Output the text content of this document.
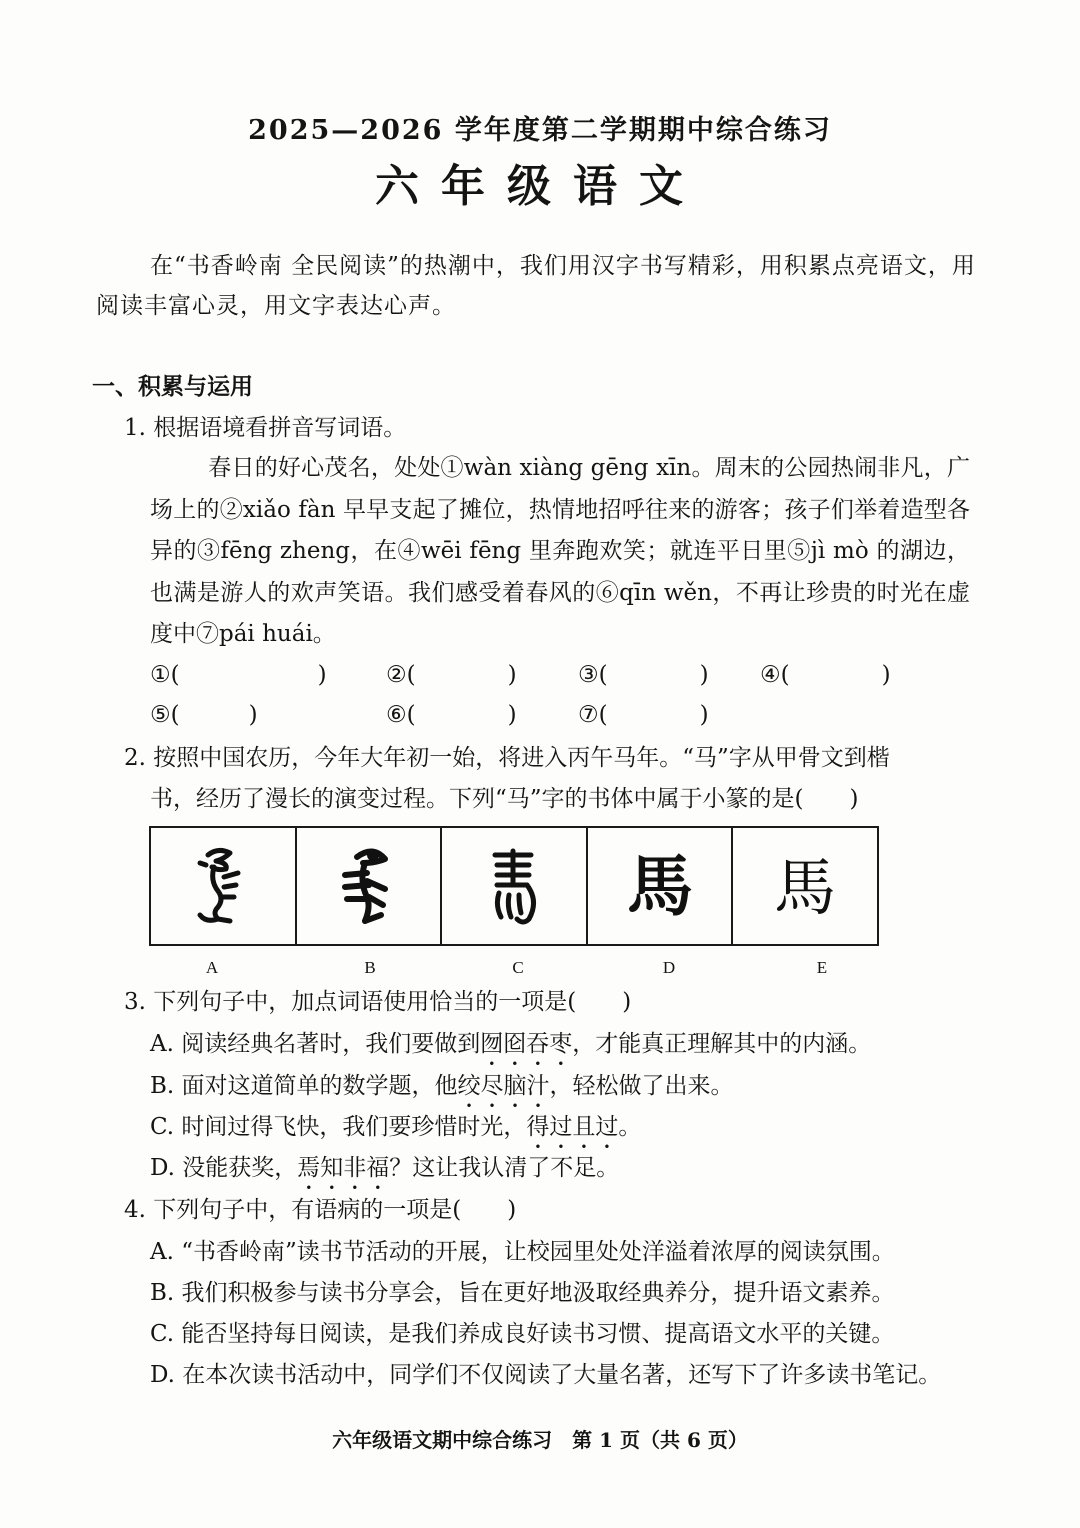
2025—2026 学年度第二学期期中综合练习
六年级语文
在“书香岭南 全民阅读”的热潮中，我们用汉字书写精彩，用积累点亮语文，用阅读丰富心灵，用文字表达心声。
一、积累与运用
1. 根据语境看拼音写词语。
春日的好心茂名，处处①wàn xiàng gēng xīn。周末的公园热闹非凡，广场上的②xiǎo fàn 早早支起了摊位，热情地招呼往来的游客；孩子们举着造型各异的③fēng zheng，在④wēi fēng 里奔跑欢笑；就连平日里⑤jì mò 的湖边，也满是游人的欢声笑语。我们感受着春风的⑥qīn wěn，不再让珍贵的时光在虚度中⑦pái huái。
①(　　　　　　)	②(　　　　)	③(　　　　) ④(　　　　)
⑤(　　　)	⑥(　　　　)	⑦(　　　　)
2. 按照中国农历，今年大年初一始，将进入丙午马年。“马”字从甲骨文到楷
书，经历了漫长的演变过程。下列“马”字的书体中属于小篆的是(　　)
馬 馬
A	B	C	D	E
3. 下列句子中，加点词语使用恰当的一项是(　　)
A. 阅读经典名著时，我们要做到囫囵吞枣，才能真正理解其中的内涵。
B. 面对这道简单的数学题，他绞尽脑汁，轻松做了出来。
C. 时间过得飞快，我们要珍惜时光，得过且过。
D. 没能获奖，焉知非福？这让我认清了不足。
4. 下列句子中，有语病的一项是(　　)
A. “书香岭南”读书节活动的开展，让校园里处处洋溢着浓厚的阅读氛围。
B. 我们积极参与读书分享会，旨在更好地汲取经典养分，提升语文素养。
C. 能否坚持每日阅读，是我们养成良好读书习惯、提高语文水平的关键。
D. 在本次读书活动中，同学们不仅阅读了大量名著，还写下了许多读书笔记。
六年级语文期中综合练习　第 1 页（共 6 页）
